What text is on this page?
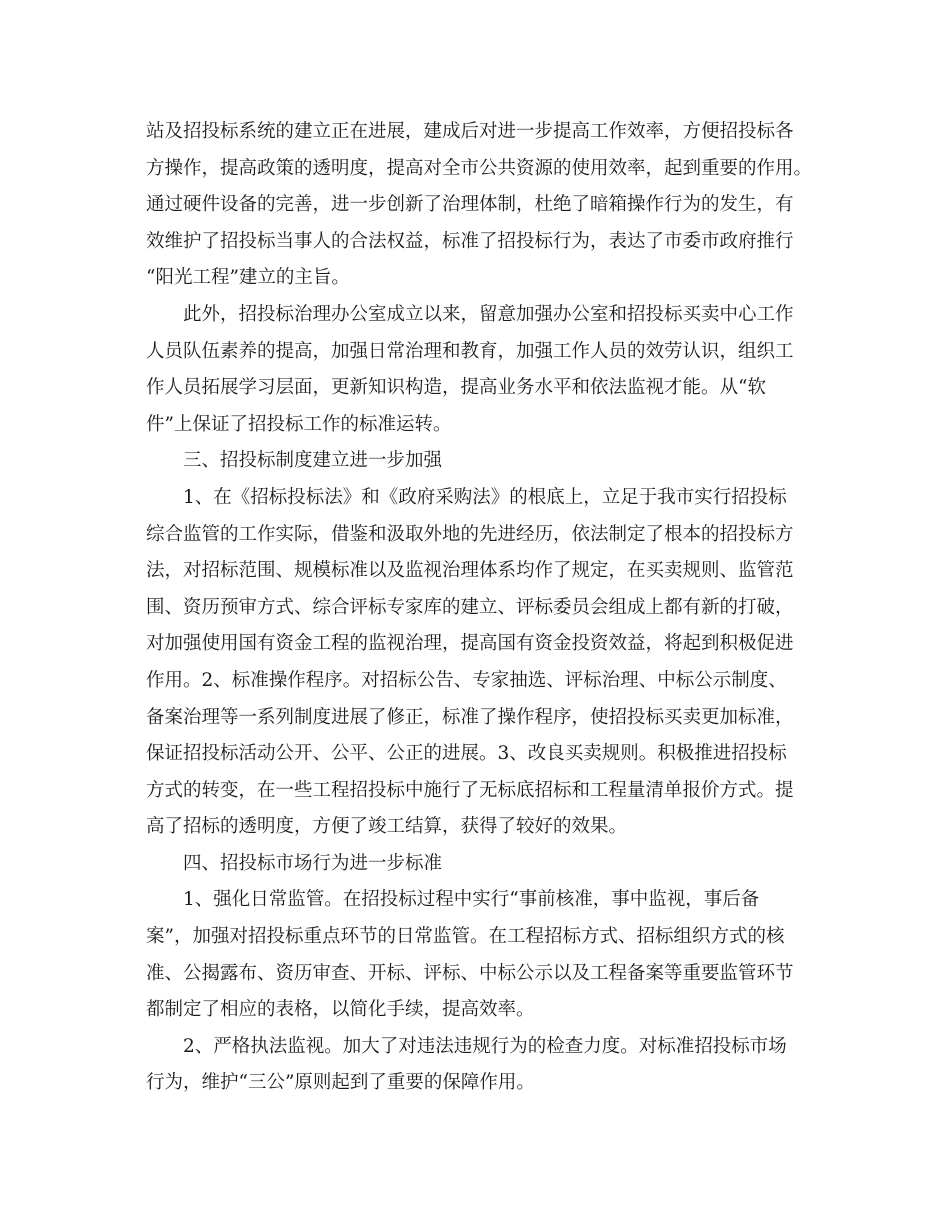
站及招投标系统的建立正在进展，建成后对进一步提高工作效率，方便招投标各
方操作，提高政策的透明度，提高对全市公共资源的使用效率，起到重要的作用。
通过硬件设备的完善，进一步创新了治理体制，杜绝了暗箱操作行为的发生，有
效维护了招投标当事人的合法权益，标准了招投标行为，表达了市委市政府推行
“阳光工程”建立的主旨。
此外，招投标治理办公室成立以来，留意加强办公室和招投标买卖中心工作
人员队伍素养的提高，加强日常治理和教育，加强工作人员的效劳认识，组织工
作人员拓展学习层面，更新知识构造，提高业务水平和依法监视才能。从“软
件”上保证了招投标工作的标准运转。
三、招投标制度建立进一步加强
1、在《招标投标法》和《政府采购法》的根底上，立足于我市实行招投标
综合监管的工作实际，借鉴和汲取外地的先进经历，依法制定了根本的招投标方
法，对招标范围、规模标准以及监视治理体系均作了规定，在买卖规则、监管范
围、资历预审方式、综合评标专家库的建立、评标委员会组成上都有新的打破，
对加强使用国有资金工程的监视治理，提高国有资金投资效益，将起到积极促进
作用。2、标准操作程序。对招标公告、专家抽选、评标治理、中标公示制度、
备案治理等一系列制度进展了修正，标准了操作程序，使招投标买卖更加标准，
保证招投标活动公开、公平、公正的进展。3、改良买卖规则。积极推进招投标
方式的转变，在一些工程招投标中施行了无标底招标和工程量清单报价方式。提
高了招标的透明度，方便了竣工结算，获得了较好的效果。
四、招投标市场行为进一步标准
1、强化日常监管。在招投标过程中实行“事前核准，事中监视，事后备
案”，加强对招投标重点环节的日常监管。在工程招标方式、招标组织方式的核
准、公揭露布、资历审查、开标、评标、中标公示以及工程备案等重要监管环节
都制定了相应的表格，以简化手续，提高效率。
2、严格执法监视。加大了对违法违规行为的检查力度。对标准招投标市场
行为，维护“三公”原则起到了重要的保障作用。
